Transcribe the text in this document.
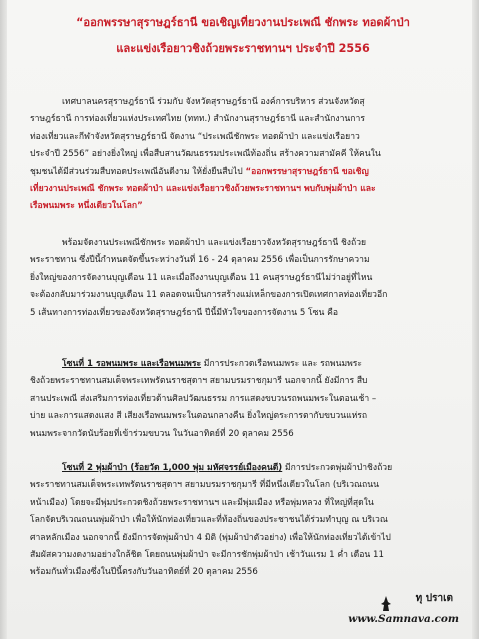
“ออกพรรษาสุราษฎร์ธานี ขอเชิญเที่ยวงานประเพณี ชักพระ ทอดผ้าป่า
และแข่งเรือยาวชิงถ้วยพระราชทานฯ ประจำปี 2556
เทศบาลนครสุราษฎร์ธานี ร่วมกับ จังหวัดสุราษฎร์ธานี องค์การบริหาร ส่วนจังหวัดสุ
ราษฎร์ธานี การท่องเที่ยวแห่งประเทศไทย (ททท.) สำนักงานสุราษฎร์ธานี และสำนักงานการ
ท่องเที่ยวและกีฬาจังหวัดสุราษฎร์ธานี จัดงาน “ประเพณีชักพระ ทอดผ้าป่า และแข่งเรือยาว
ประจำปี 2556” อย่างยิ่งใหญ่ เพื่อสืบสานวัฒนธรรมประเพณีท้องถิ่น สร้างความสามัคคี ให้คนใน
ชุมชนได้มีส่วนร่วมสืบทอดประเพณีอันดีงาม ให้ยั่งยืนสืบไป “ออกพรรษาสุราษฎร์ธานี ขอเชิญ
เที่ยวงานประเพณี ชักพระ ทอดผ้าป่า และแข่งเรือยาวชิงถ้วยพระราชทานฯ พบกับพุ่มผ้าป่า และ
เรือพนมพระ หนึ่งเดียวในโลก”
พร้อมจัดงานประเพณีชักพระ ทอดผ้าป่า และแข่งเรือยาวจังหวัดสุราษฎร์ธานี ชิงถ้วย
พระราชทาน ซึ่งปีนี้กำหนดจัดขึ้นระหว่างวันที่ 16 - 24 ตุลาคม 2556 เพื่อเป็นการรักษาความ
ยิ่งใหญ่ของการจัดงานบุญเดือน 11 และเมื่อถึงงานบุญเดือน 11 คนสุราษฎร์ธานีไม่ว่าอยู่ที่ไหน
จะต้องกลับมาร่วมงานบุญเดือน 11 ตลอดจนเป็นการสร้างแม่เหล็กของการเปิดเทศกาลท่องเที่ยวอีก
5 เส้นทางการท่องเที่ยวของจังหวัดสุราษฎร์ธานี ปีนี้มีหัวใจของการจัดงาน 5 โซน คือ
โซนที่ 1 รอพนมพระ และเรือพนมพระ มีการประกวดเรือพนมพระ และ รถพนมพระ
ชิงถ้วยพระราชทานสมเด็จพระเทพรัตนราชสุดาฯ สยามบรมราชกุมารี นอกจากนี้ ยังมีการ สืบ
สานประเพณี ส่งเสริมการท่องเที่ยวด้านศิลปวัฒนธรรม การแสดงขบวนรถพนมพระในตอนเช้า –
บ่าย และการแสดงแสง สี เสียงเรือพนมพระในตอนกลางคืน ยิ่งใหญ่ตระการตากับขบวนแห่รถ
พนมพระจากวัดนับร้อยที่เข้าร่วมขบวน ในวันอาทิตย์ที่ 20 ตุลาคม 2556
โซนที่ 2 พุ่มผ้าป่า (ร้อยวัด 1,000 พุ่ม มหัศจรรย์เมืองคนดี) มีการประกวดพุ่มผ้าป่าชิงถ้วย
พระราชทานสมเด็จพระเทพรัตนราชสุดาฯ สยามบรมราชกุมารี ที่มีหนึ่งเดียวในโลก (บริเวณถนน
หน้าเมือง) โดยจะมีพุ่มประกวดชิงถ้วยพระราชทานฯ และมีพุ่มเมือง หรือพุ่มหลวง ที่ใหญ่ที่สุดใน
โลกจัดบริเวณถนนพุ่มผ้าป่า เพื่อให้นักท่องเที่ยวและที่ท้องถิ่นของประชาชนได้ร่วมทำบุญ ณ บริเวณ
ศาลหลักเมือง นอกจากนี้ ยังมีการจัดพุ่มผ้าป่า 4 มิติ (พุ่มผ้าป่าตัวอย่าง) เพื่อให้นักท่องเที่ยวได้เข้าไป
สัมผัสความงดงามอย่างใกล้ชิด โดยถนนพุ่มผ้าป่า จะมีการชักพุ่มผ้าป่า เช้าวันแรม 1 ค่ำ เดือน 11
พร้อมกันทั่วเมืองซึ่งในปีนี้ตรงกับวันอาทิตย์ที่ 20 ตุลาคม 2556
ทุ ปราเต
www.Samnava.com
